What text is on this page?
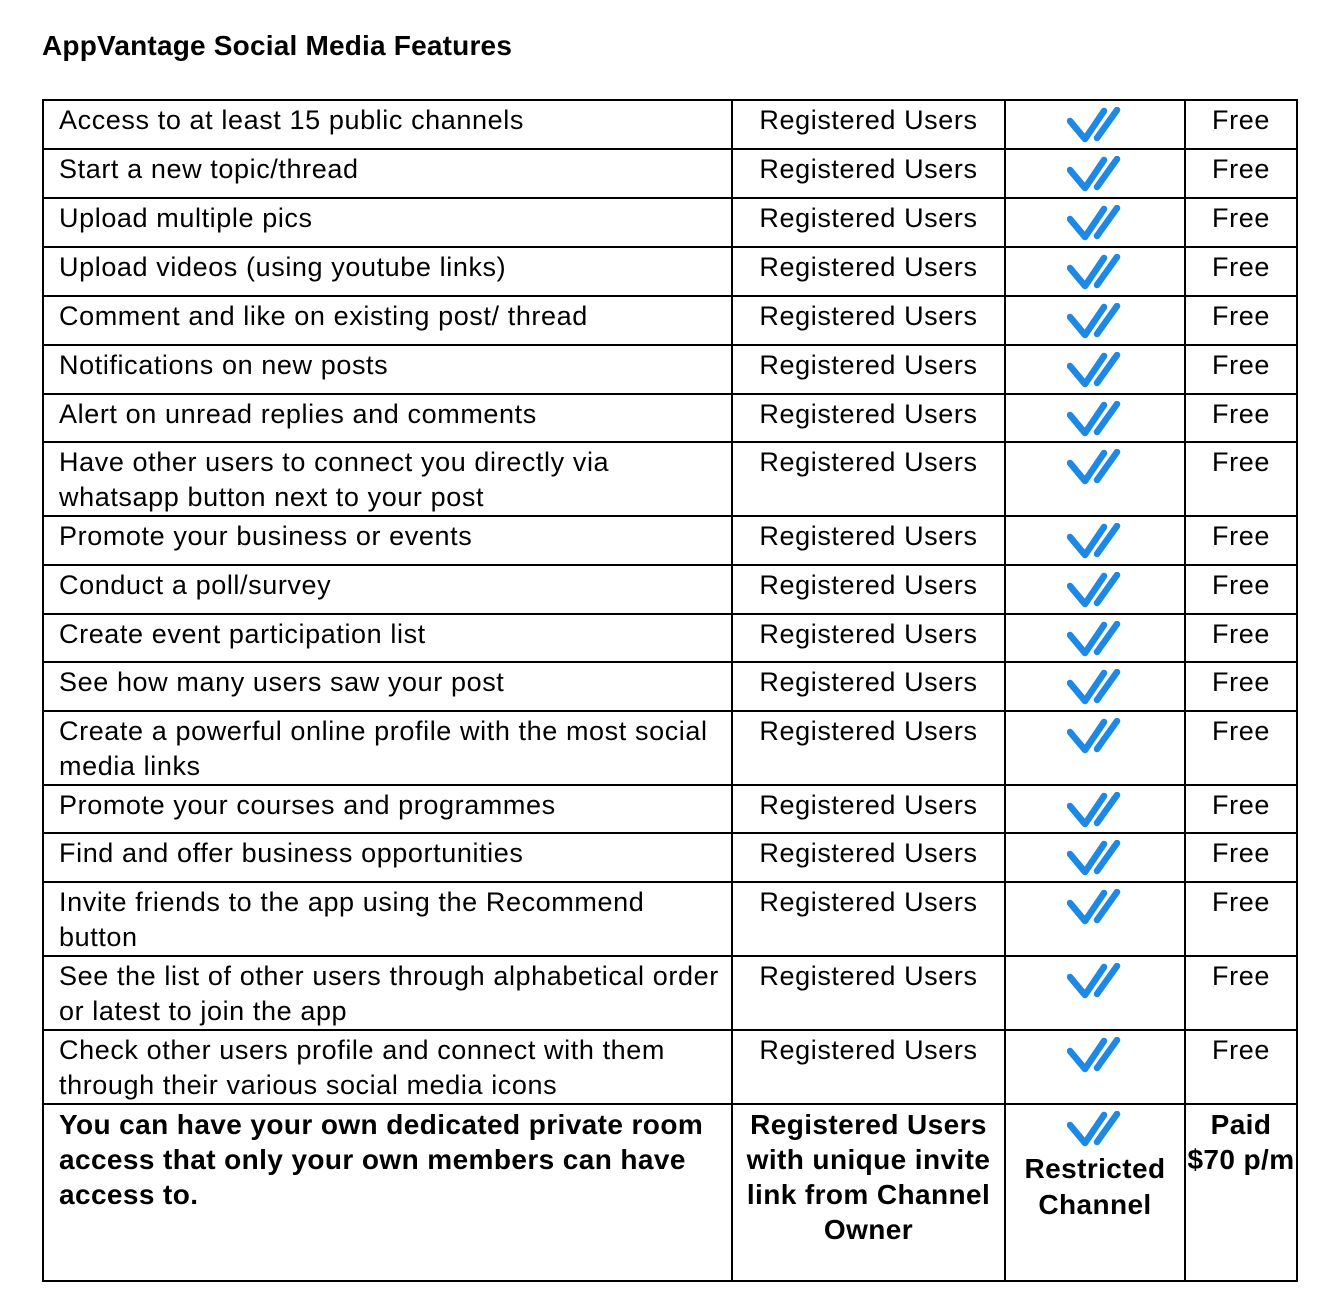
AppVantage Social Media Features
Access to at least 15 public channels	Registered Users		Free
Start a new topic/thread	Registered Users		Free
Upload multiple pics	Registered Users		Free
Upload videos (using youtube links)	Registered Users		Free
Comment and like on existing post/ thread	Registered Users		Free
Notifications on new posts	Registered Users		Free
Alert on unread replies and comments	Registered Users		Free
Have other users to connect you directly via whatsapp button next to your post	Registered Users		Free
Promote your business or events	Registered Users		Free
Conduct a poll/survey	Registered Users		Free
Create event participation list	Registered Users		Free
See how many users saw your post	Registered Users		Free
Create a powerful online profile with the most social media links	Registered Users		Free
Promote your courses and programmes	Registered Users		Free
Find and offer business opportunities	Registered Users		Free
Invite friends to the app using the Recommend button	Registered Users		Free
See the list of other users through alphabetical order or latest to join the app	Registered Users		Free
Check other users profile and connect with them through their various social media icons	Registered Users		Free
You can have your own dedicated private room access that only your own members can have access to.	Registered Users with unique invite link from Channel Owner	Restricted Channel	Paid $70 p/m
